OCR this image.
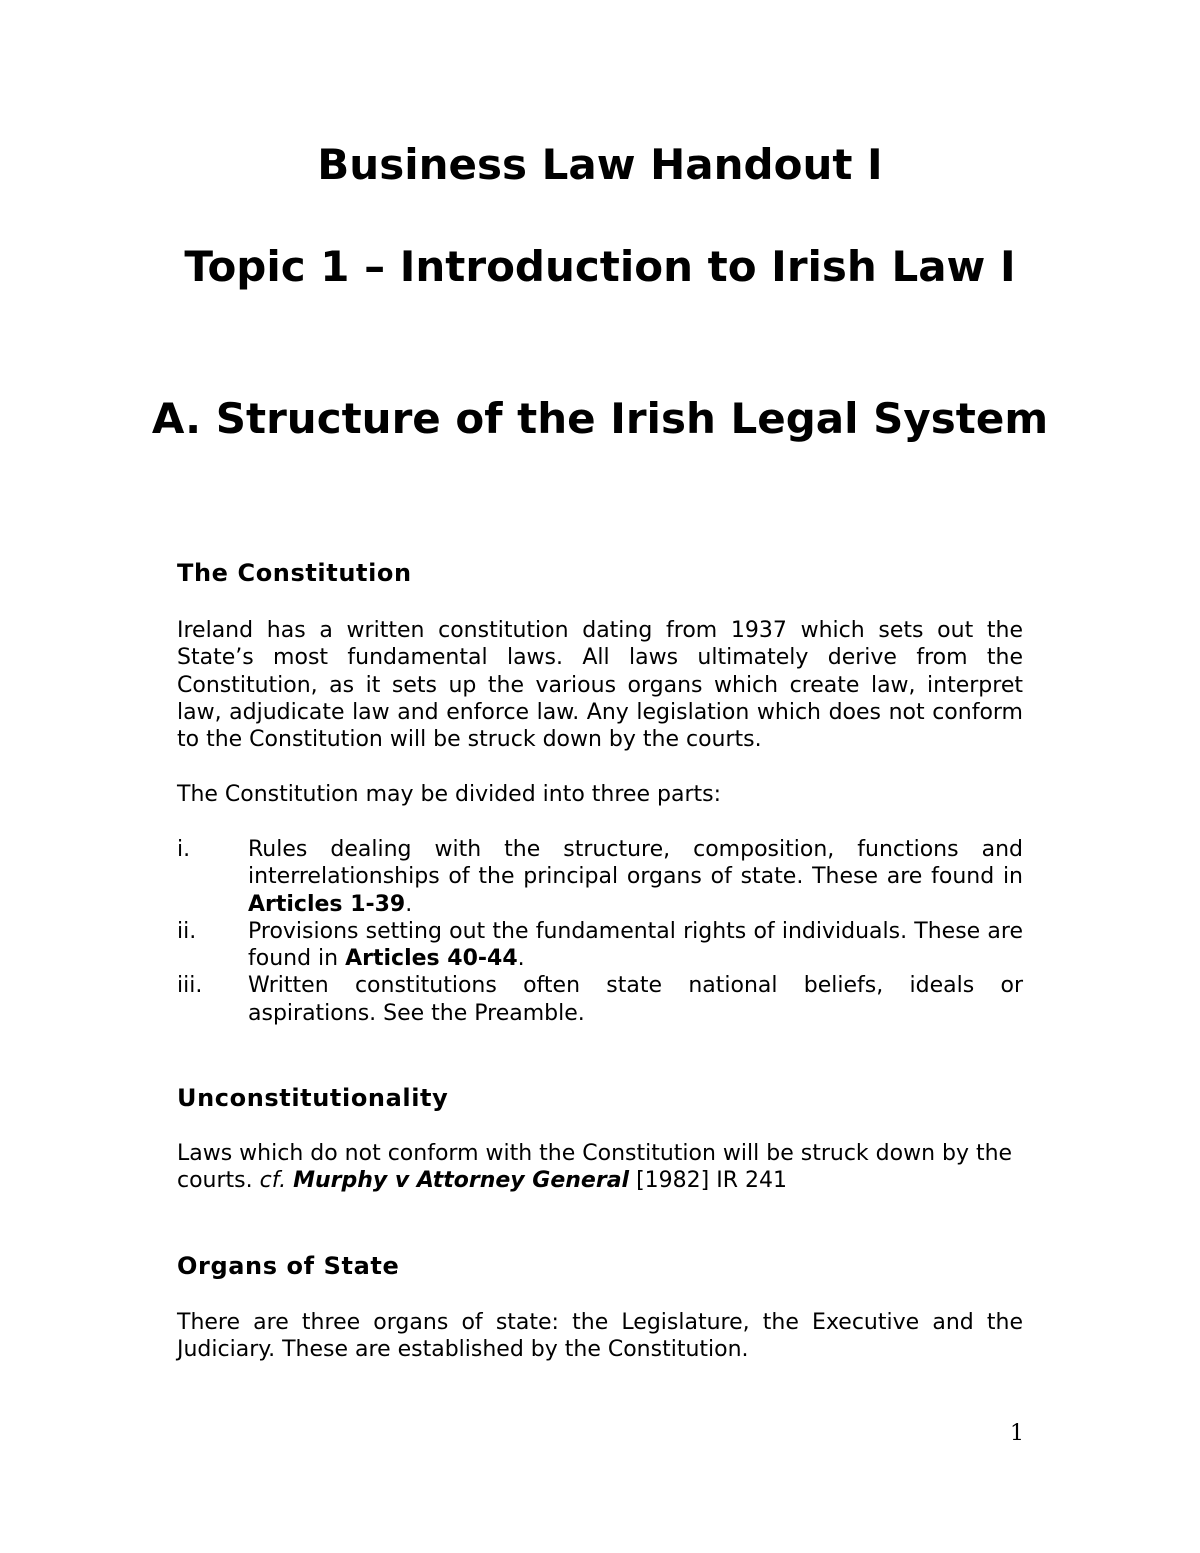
Business Law Handout I
Topic 1 – Introduction to Irish Law I
A. Structure of the Irish Legal System
The Constitution
Ireland has a written constitution dating from 1937 which sets out the State’s most fundamental laws. All laws ultimately derive from the Constitution, as it sets up the various organs which create law, interpret law, adjudicate law and enforce law. Any legislation which does not conform to the Constitution will be struck down by the courts.
The Constitution may be divided into three parts:
i.	Rules dealing with the structure, composition, functions and interrelationships of the principal organs of state. These are found in Articles 1-39.
ii. Provisions setting out the fundamental rights of individuals. These are found in Articles 40-44.
iii. Written constitutions often state national beliefs, ideals or aspirations. See the Preamble.
Unconstitutionality
Laws which do not conform with the Constitution will be struck down by the courts. cf. Murphy v Attorney General [1982] IR 241
Organs of State
There are three organs of state: the Legislature, the Executive and the Judiciary. These are established by the Constitution.
1
